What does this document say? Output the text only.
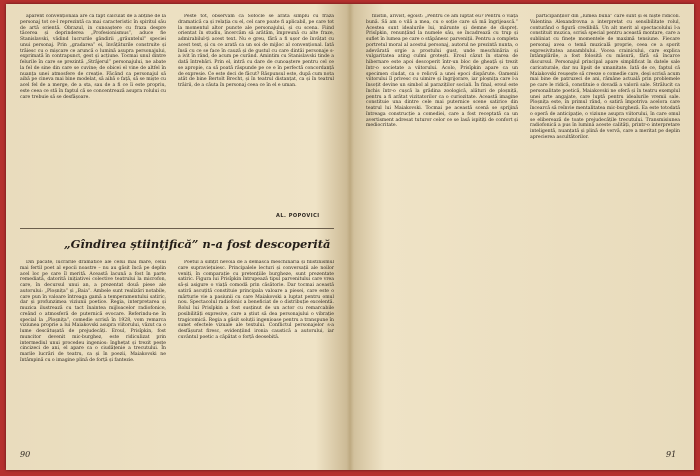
aparent convențională are ca fapt calculat de a abține de la personaj tot ce-l reprezintă ca mai caracteristic în spiritul său de artă orientă. Obrazul, in cunoaștere cu fraza despre tăcerea și deprinderea „Profesionismus”, aduce fie Stanislavski, vădind lucrurile gândirii „grăuntelul” speciei unui personaj. Prin „gradarea” ei, învățăturile construite și trăiesc cu o mișcare ce aruncă o lumină asupra personajului, exprimată în contrapunct, gest și acțiune. Tocmai unul dintre felurile în care se prezintă „Străjerul” personajului, ne abate la fel de sine din care se cuvine; de obicei el vine de altfel în nuanța unei atmosfere de creație. Făcând ca personajul să aibă pe cineva mai bine modelat, să aibă o față, să se miște cu acel fel de a merge, de a sta, sau de a fi ce îi este propriu, este ceea ce stă în faptul că se concentrează asupra rolului cu care trebuie să se desfășoare.

Peste tot, observăm că Sofocle se arată simplu cu fraza dramatică ca și relația cu el, cel care poate fi aplicabil, pe care tot la momentul altor puncte ale personajului, și cu scena. Fiind orientat în studiu, încercăm să arătăm, împreună cu alte fraze, admirabilul-ți acest text. Nu e greu, fără a fi ușor de învățat cu acest text, și cu ce arată ca un soi de mijloc al convențional. Iată însă cu ce se face în cauză și de gustul cu care dintâi personaje s-a ivit în rând, de acum pe curând. Amintim cu Stanislavski tinde a dată întrebări. Prin el, intră cu dare de cunoaștere pentru cel ce se apropie, ca să poată răspunde pe ce e în perfectă concordanță de expresie. Ce este deci de făcut? Răspunsul este, după cum nota atât de bine Bertolt Brecht, și în teatrul distanțat, ca și în teatrul trăirii, de a căuta în personaj ceea ce în el e uman.

AL. POPOVICI
„Gîndirea științifică” n-a fost descoperită

Din păcate, lucrările dramatice ale celui mai mare, celui mai fertil poet al epocii noastre – nu au găsit încă pe deplin acel loc pe care îl merită. Această lacună a fost în parte remediată, datorită inițiativei colective teatrului la microfon, care, în decursul unui an, a prezentat două piese ale autorului: „Ploșnița” și „Baia”. Ambele sunt realizări notabile, care pun în valoare întreaga gamă a temperamentului satiric, dar și profunzimea viziunii poetice. Regia, interpretarea și muzica ilustrează cu tact înaintea mijloacelor radiofonice, creând o atmosferă de puternică evocare. Referindu-ne în special la „Ploșnița”, comedie scrisă în 1928, vom remarca viziunea proprie a lui Maiakovski asupra viitorului, văzut ca o lume descătușată de prejudecăți. Eroul, Prisîpkin, fost muncitor devenit mic-burghez, este ridiculizat prin intermediul unui procedeu ingenios: înghețat și trezit peste cincizeci de ani, el apare ca o ciudățenie a trecutului. În marile lucrări de teatru, ca și în poezii, Maiakovski ne întâmpină cu o imagine plină de forță și fantezie.

Poetul a simțit nevoia de a demasca meschinăria și filistinismul care supraviețuiesc. Principalele lecturi și conversații ale noilor veniți, în comparație cu pretențiile burgheze, sunt prezentate satiric. Figura lui Prisîpkin întrupează tipul parvenitului care vrea să-și asigure o viață comodă prin căsătorie. Dar tocmai această satiră ascuțită constituie principala valoare a piesei, care este o mărturie vie a pasiunii cu care Maiakovski a luptat pentru omul nou. Spectacolul radiofonic a beneficiat de o distribuție excelentă. Rolul lui Prisîpkin a fost susținut de un actor cu remarcabile posibilități expresive, care a știut să dea personajului o vibrație tragicomică. Regia a găsit soluții ingenioase pentru a transpune în sunet efectele vizuale ale textului. Conflictul personajelor s-a desfășurat firesc, evidențiind ironia caustică a autorului, iar cuvântul poetic a căpătat o forță deosebită.

90

filistin, arivist, egoist: „Pentru ce am luptat eu? Pentru o viață bună. Să am o vilă a mea, cu o soție care să mă îngrijească.” Acestea sunt idealurile lui, mărunte și demne de dispreț. Prisîpkin, renunțând la numele său, se încadrează cu trup și suflet în lumea pe care o stăpânesc parveniții. Pentru a completa portretul moral al acestui personaj, autorul ne prezintă nunta, o adevărată orgie a prostului gust, unde meschinăria și vulgaritatea ating culmi grotești. Eroul căzut în starea de hibernare este apoi descoperit într-un bloc de gheață și trezit într-o societate a viitorului. Acolo, Prisîpkin apare ca un specimen ciudat, ca o relicvă a unei epoci dispărute. Oamenii viitorului îl privesc cu uimire și îngrijorare, iar ploșnița care l-a însoțit devine un simbol al paraziților sociali. În final, eroul este închis într-o cușcă la grădina zoologică, alături de ploșniță, pentru a fi arătat vizitatorilor ca o curiozitate. Această imagine constituie una dintre cele mai puternice scene satirice din teatrul lui Maiakovski. Tocmai pe această scenă se sprijină întreaga construcție a comediei, care a fost receptată ca un avertisment adresat tuturor celor ce se lasă ispitiți de confort și mediocritate.

participanților din „lumea bună” care sunt și ei niște ridicoli. Valentina Alexandrovna a interpretat cu sensibilitate rolul, conturând o figură credibilă. Un alt merit al spectacolului l-a constituit muzica, scrisă special pentru această montare, care a subliniat cu finețe momentele de maximă tensiune. Fiecare personaj avea o temă muzicală proprie, ceea ce a sporit expresivitatea ansamblului. Vocea crainicului, care explica întâmplările, a fost folosită cu măsură, fără să încarce discursul. Personajul principal apare simplificat în datele sale caricaturale, dar nu lipsit de umanitate. Iată de ce, faptul că Maiakovski reușește să creeze o comedie care, deși scrisă acum mai bine de patruzeci de ani, rămâne actuală prin problemele pe care le ridică, constituie o dovadă a valorii sale. Strălucit ca personalitate poetică, Maiakovski ne oferă și în teatru exemplul unei arte angajate, care luptă pentru idealurile vremii sale. Ploșnița este, în primul rând, o satiră împotriva acelora care încearcă să reînvie mentalitatea mic-burgheză. Ea este totodată o operă de anticipație, o viziune asupra viitorului, în care omul se eliberează de toate prejudecățile trecutului. Transmisiunea radiofonică a pus în lumină aceste calități, printr-o interpretare inteligentă, nuanțată și plină de vervă, care a meritat pe deplin aprecierea ascultătorilor.

91
